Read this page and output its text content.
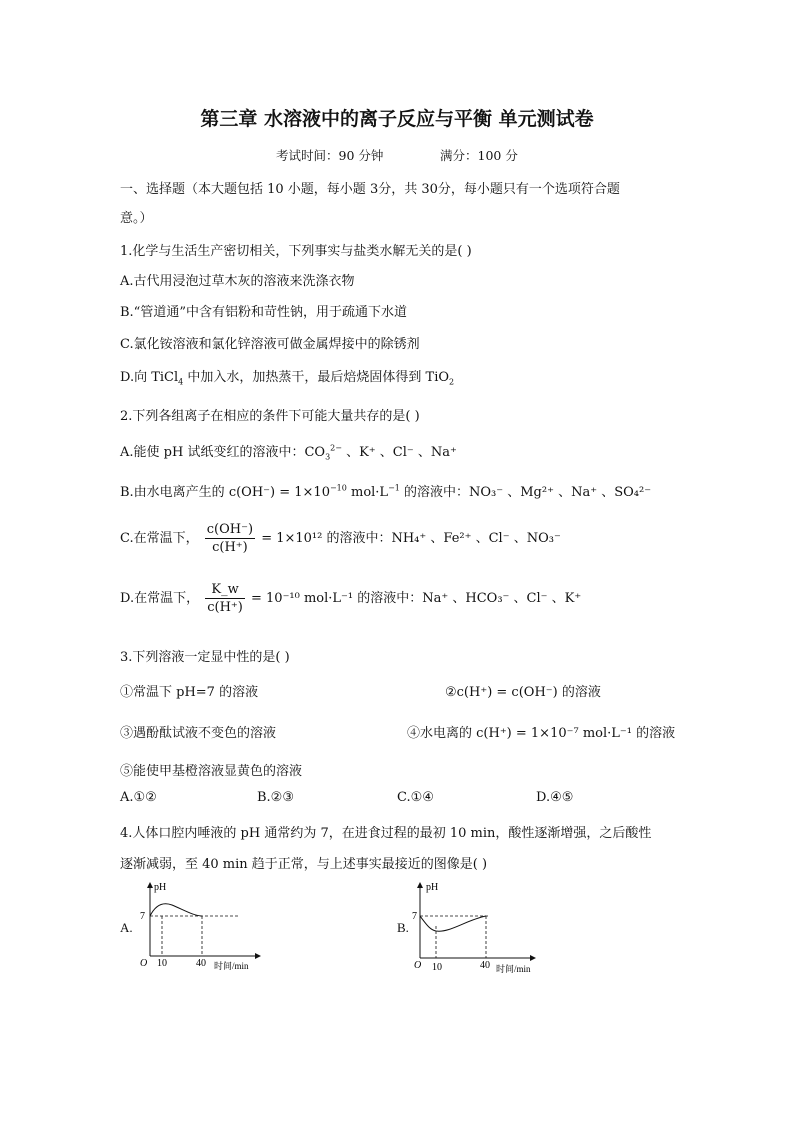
第三章 水溶液中的离子反应与平衡 单元测试卷
考试时间：90 分钟	满分：100 分
一、选择题（本大题包括 10 小题，每小题 3分，共 30分，每小题只有一个选项符合题
意。）
1.化学与生活生产密切相关，下列事实与盐类水解无关的是( )
A.古代用浸泡过草木灰的溶液来洗涤衣物
B.“管道通”中含有铝粉和苛性钠，用于疏通下水道
C.氯化铵溶液和氯化锌溶液可做金属焊接中的除锈剂
D.向 TiCl$_4$ 中加入水，加热蒸干，最后焙烧固体得到 TiO$_2$
2.下列各组离子在相应的条件下可能大量共存的是( )
A.能使 pH 试纸变红的溶液中：$CO_3^{2-}$ 、K⁺ 、Cl⁻ 、Na⁺
B.由水电离产生的 $c(OH^-) = 1\times 10^{-10}$ $mol\cdot L^{-1}$ 的溶液中：NO₃⁻ 、Mg²⁺ 、Na⁺ 、SO₄²⁻
C.在常温下， $\frac{c(OH^-)}{c(H^+)} = 1\times 10^{12}$ 的溶液中：NH₄⁺ 、Fe²⁺ 、Cl⁻ 、NO₃⁻
D.在常温下， $\frac{K\_w}{c(H^+)} = 10^{-10}$ mol·L⁻¹ 的溶液中：Na⁺ 、HCO₃⁻ 、Cl⁻ 、K⁺
3.下列溶液一定显中性的是( )
①常温下 pH=7 的溶液	②c(H⁺) = c(OH⁻) 的溶液
③遇酚酞试液不变色的溶液	④水电离的 c(H⁺) = 1×10⁻⁷ mol·L⁻¹ 的溶液
⑤能使甲基橙溶液显黄色的溶液
A.①②	B.②③	C.①④	D.④⑤
4.人体口腔内唾液的 pH 通常约为 7，在进食过程的最初 10 min，酸性逐渐增强，之后酸性
逐渐减弱，至 40 min 趋于正常，与上述事实最接近的图像是( )
A.
pH
7
O 10	40 时间/min
B.
pH
7
O 10	40 时间/min
